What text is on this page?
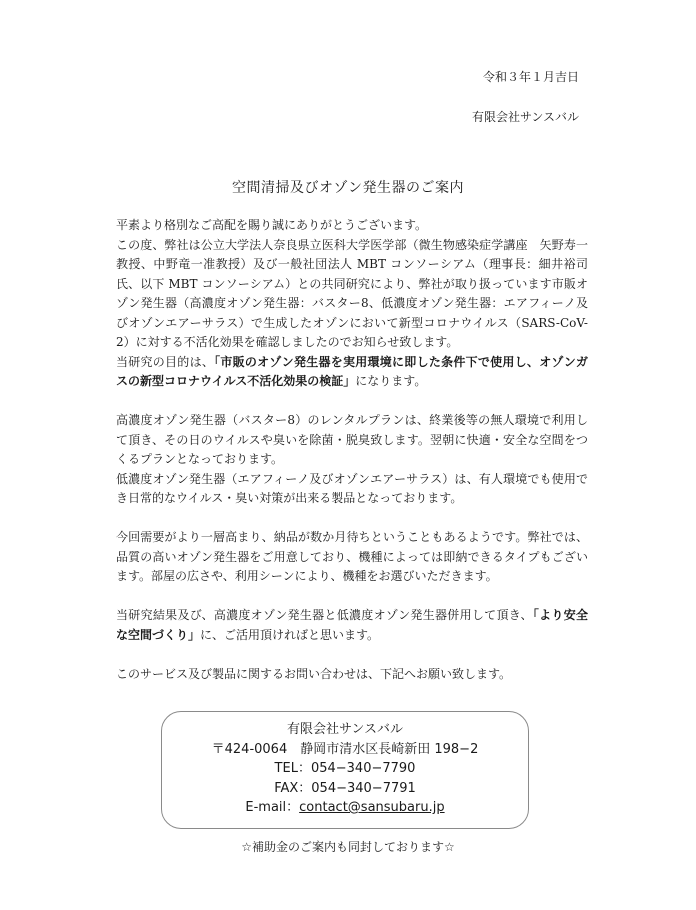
令和３年１月吉日
有限会社サンスバル
空間清掃及びオゾン発生器のご案内

平素より格別なご高配を賜り誠にありがとうございます。

この度、弊社は公立大学法人奈良県立医科大学医学部（微生物感染症学講座　矢野寿一教授、中野竜一准教授）及び一般社団法人 MBT コンソーシアム（理事長：細井裕司氏、以下 MBT コンソーシアム）との共同研究により、弊社が取り扱っています市販オゾン発生器（高濃度オゾン発生器：バスター8、低濃度オゾン発生器：エアフィーノ及びオゾンエアーサラス）で生成したオゾンにおいて新型コロナウイルス（SARS-CoV-2）に対する不活化効果を確認しましたのでお知らせ致します。

当研究の目的は、「市販のオゾン発生器を実用環境に即した条件下で使用し、オゾンガスの新型コロナウイルス不活化効果の検証」になります。

高濃度オゾン発生器（バスター8）のレンタルプランは、終業後等の無人環境で利用して頂き、その日のウイルスや臭いを除菌・脱臭致します。翌朝に快適・安全な空間をつくるプランとなっております。

低濃度オゾン発生器（エアフィーノ及びオゾンエアーサラス）は、有人環境でも使用でき日常的なウイルス・臭い対策が出来る製品となっております。

今回需要がより一層高まり、納品が数か月待ちということもあるようです。弊社では、品質の高いオゾン発生器をご用意しており、機種によっては即納できるタイプもございます。部屋の広さや、利用シーンにより、機種をお選びいただきます。

当研究結果及び、高濃度オゾン発生器と低濃度オゾン発生器併用して頂き、「より安全な空間づくり」に、ご活用頂ければと思います。

このサービス及び製品に関するお問い合わせは、下記へお願い致します。

有限会社サンスバル
〒424-0064　静岡市清水区長崎新田 198−2
TEL：054−340−7790
FAX：054−340−7791
E-mail：contact@sansubaru.jp
☆補助金のご案内も同封しております☆
